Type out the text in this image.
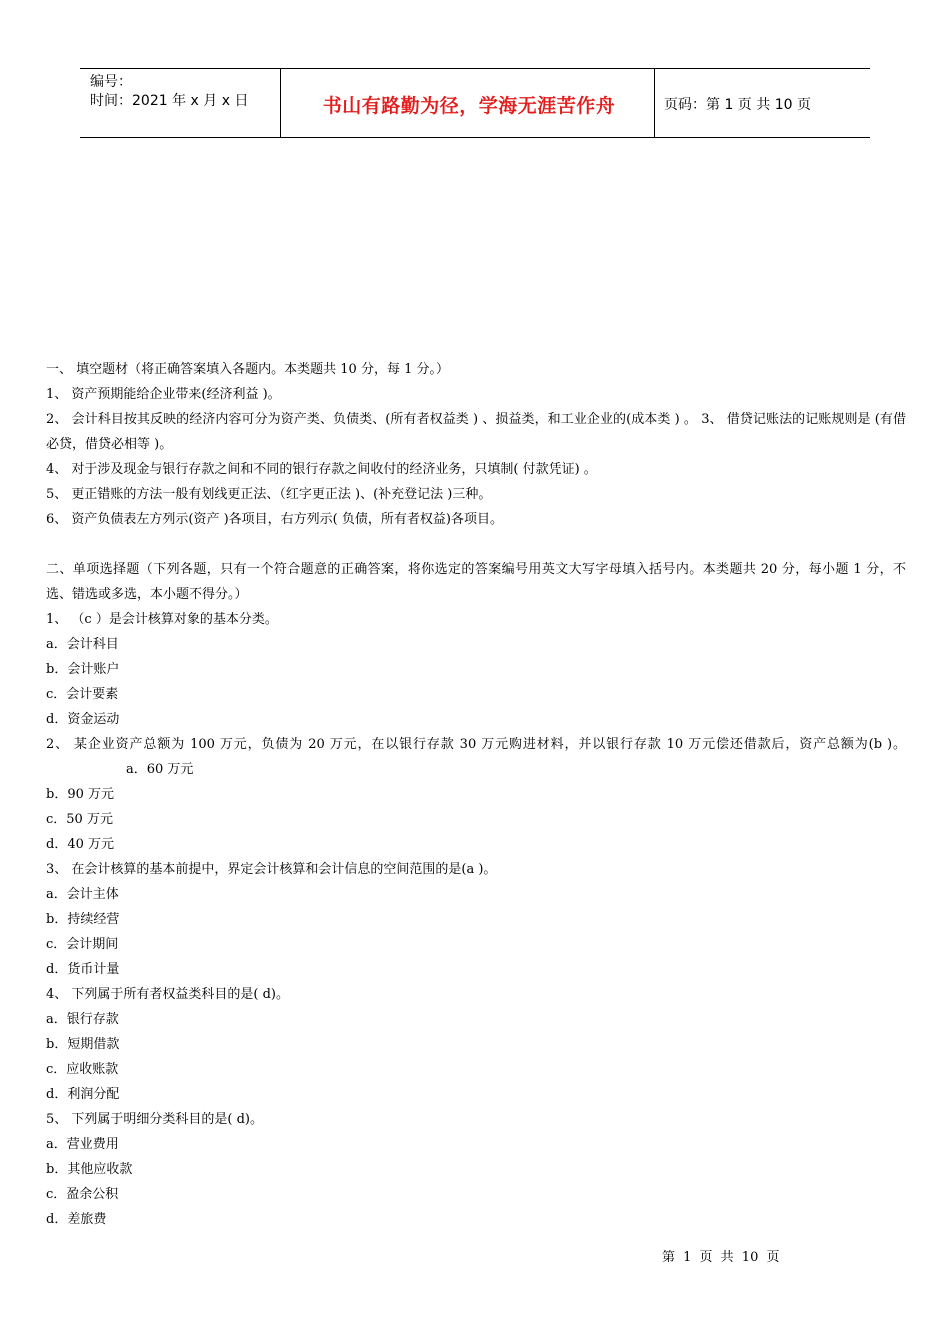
编号：
时间：2021 年 x 月 x 日	书山有路勤为径，学海无涯苦作舟	页码：第 1 页 共 10 页

一、 填空题材（将正确答案填入各题内。本类题共 10 分，每 1 分。）

1、 资产预期能给企业带来(经济利益 )。

2、 会计科目按其反映的经济内容可分为资产类、负债类、(所有者权益类 ) 、损益类，和工业企业的(成本类 ) 。 3、 借贷记账法的记账规则是 (有借必贷，借贷必相等 )。

4、 对于涉及现金与银行存款之间和不同的银行存款之间收付的经济业务，只填制( 付款凭证) 。

5、 更正错账的方法一般有划线更正法、（红字更正法 )、(补充登记法 )三种。

6、 资产负债表左方列示(资产 )各项目，右方列示( 负债，所有者权益)各项目。

二、单项选择题（下列各题，只有一个符合题意的正确答案，将你选定的答案编号用英文大写字母填入括号内。本类题共 20 分，每小题 1 分，不选、错选或多选，本小题不得分。）

1、 （c ）是会计核算对象的基本分类。

a．会计科目

b．会计账户

c．会计要素

d．资金运动

2、 某企业资产总额为 100 万元，负债为 20 万元，在以银行存款 30 万元购进材料，并以银行存款 10 万元偿还借款后，资产总额为(b )。a．60 万元

b．90 万元

c．50 万元

d．40 万元

3、 在会计核算的基本前提中，界定会计核算和会计信息的空间范围的是(a )。

a．会计主体

b．持续经营

c．会计期间

d．货币计量

4、 下列属于所有者权益类科目的是( d)。

a．银行存款

b．短期借款

c．应收账款

d．利润分配

5、 下列属于明细分类科目的是( d)。

a．营业费用

b．其他应收款

c．盈余公积

d．差旅费

第 1 页 共 10 页
